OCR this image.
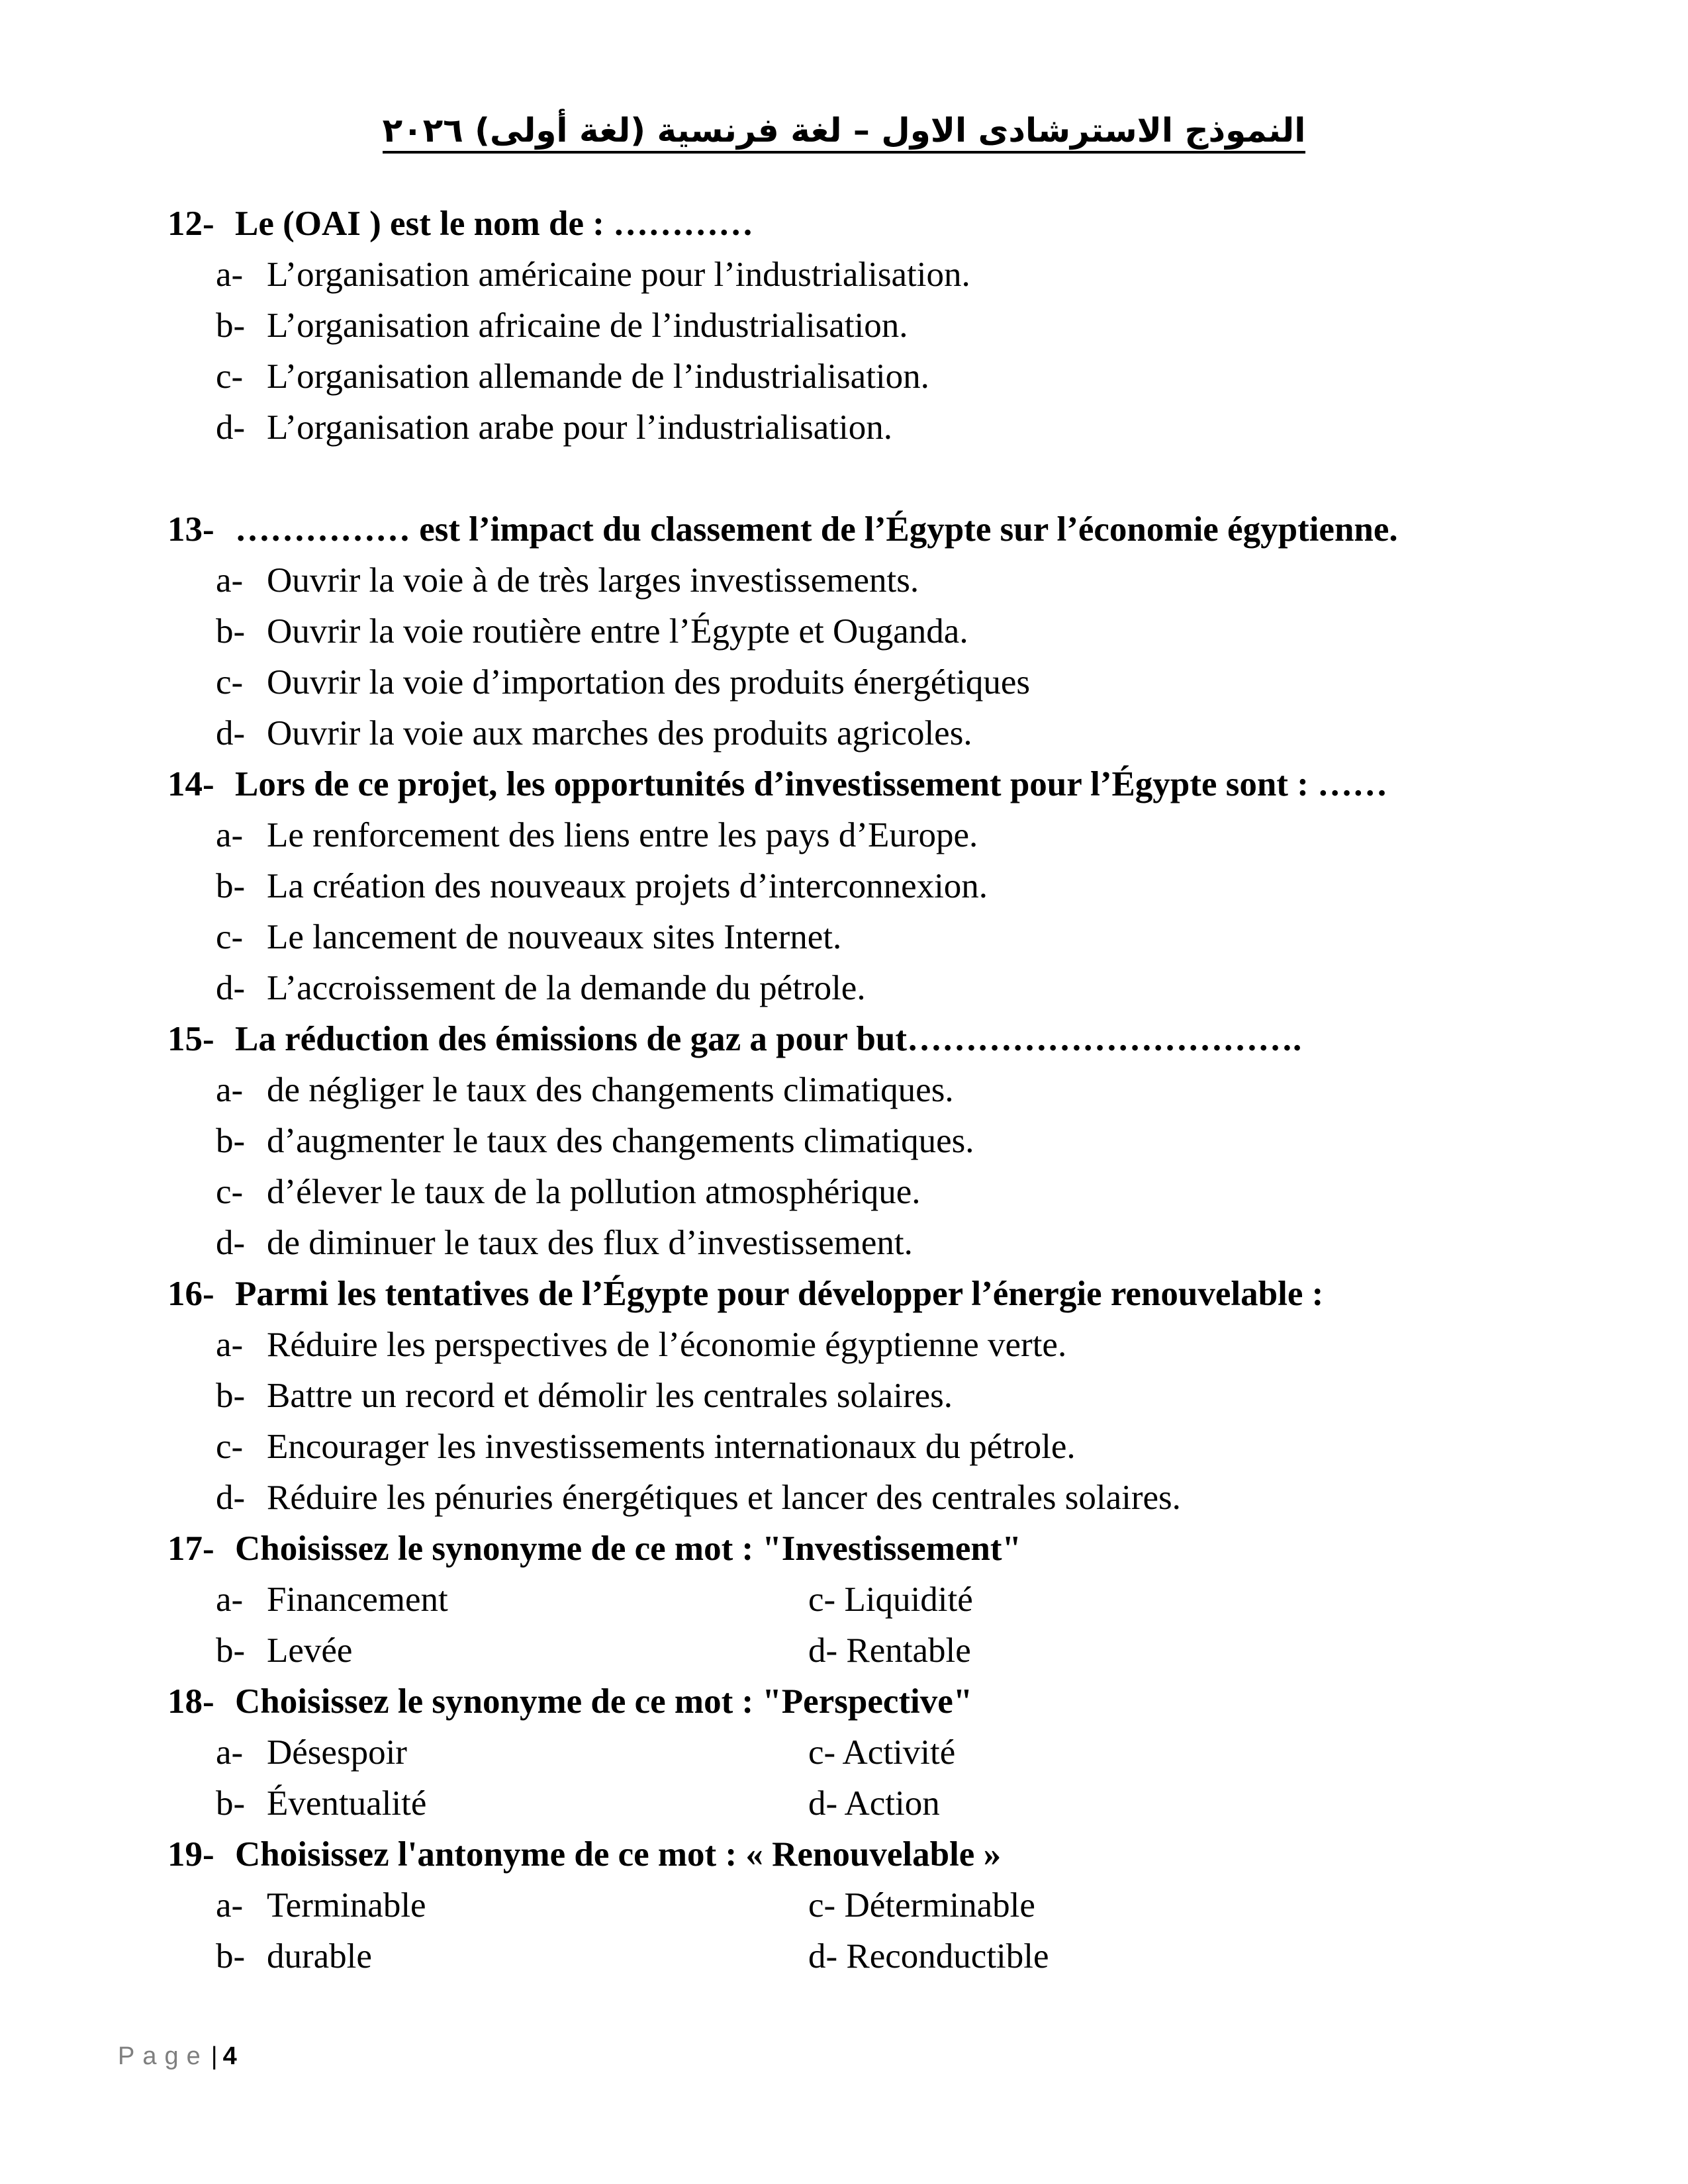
النموذج الاسترشادى الاول – لغة فرنسية (لغة أولى) ٢٠٢٦
12- Le (OAI ) est le nom de : …………
a- L’organisation américaine pour l’industrialisation.
b- L’organisation africaine de l’industrialisation.
c- L’organisation allemande de l’industrialisation.
d- L’organisation arabe pour l’industrialisation.
13- …………… est l’impact du classement de l’Égypte sur l’économie égyptienne.
a- Ouvrir la voie à de très larges investissements.
b- Ouvrir la voie routière entre l’Égypte et Ouganda.
c- Ouvrir la voie d’importation des produits énergétiques
d- Ouvrir la voie aux marches des produits agricoles.
14- Lors de ce projet, les opportunités d’investissement pour l’Égypte sont : ……
a- Le renforcement des liens entre les pays d’Europe.
b- La création des nouveaux projets d’interconnexion.
c- Le lancement de nouveaux sites Internet.
d- L’accroissement de la demande du pétrole.
15- La réduction des émissions de gaz a pour but…………………………….
a- de négliger le taux des changements climatiques.
b- d’augmenter le taux des changements climatiques.
c- d’élever le taux de la pollution atmosphérique.
d- de diminuer le taux des flux d’investissement.
16- Parmi les tentatives de l’Égypte pour développer l’énergie renouvelable :
a- Réduire les perspectives de l’économie égyptienne verte.
b- Battre un record et démolir les centrales solaires.
c- Encourager les investissements internationaux du pétrole.
d- Réduire les pénuries énergétiques et lancer des centrales solaires.
17- Choisissez le synonyme de ce mot : "Investissement"
a- Financement	c- Liquidité
b- Levée	d- Rentable
18- Choisissez le synonyme de ce mot : "Perspective"
a- Désespoir	c- Activité
b- Éventualité	d- Action
19- Choisissez l'antonyme de ce mot : « Renouvelable »
a- Terminable	c- Déterminable
b- durable	d- Reconductible
Page | 4
